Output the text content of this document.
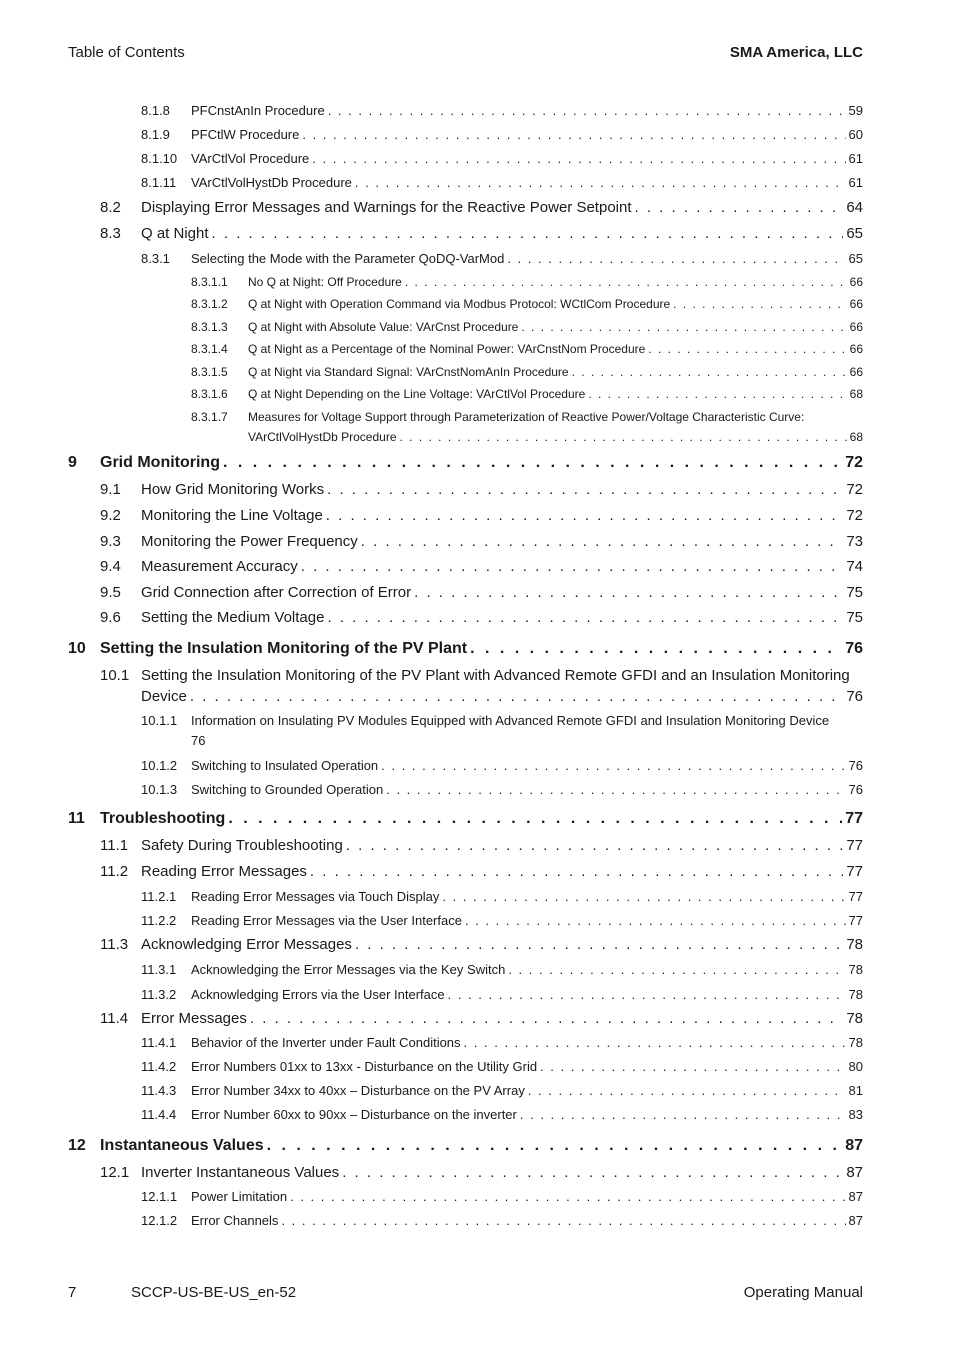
Table of Contents	SMA America, LLC
8.1.8	PFCnstAnIn Procedure . . .	59
8.1.9	PFCtlW Procedure . . .	60
8.1.10	VArCtlVol Procedure . . .	61
8.1.11	VArCtlVolHystDb Procedure . . .	61
8.2	Displaying Error Messages and Warnings for the Reactive Power Setpoint . . .	64
8.3	Q at Night . . .	65
8.3.1	Selecting the Mode with the Parameter QoDQ-VarMod . . .	65
8.3.1.1	No Q at Night: Off Procedure . . .	66
8.3.1.2	Q at Night with Operation Command via Modbus Protocol: WCtlCom Procedure . . .	66
8.3.1.3	Q at Night with Absolute Value: VArCnst Procedure . . .	66
8.3.1.4	Q at Night as a Percentage of the Nominal Power: VArCnstNom Procedure . . .	66
8.3.1.5	Q at Night via Standard Signal: VArCnstNomAnIn Procedure . . .	66
8.3.1.6	Q at Night Depending on the Line Voltage: VArCtlVol Procedure . . .	68
8.3.1.7	Measures for Voltage Support through Parameterization of Reactive Power/Voltage Characteristic Curve:
VArCtlVolHystDb Procedure . . .	68
9	Grid Monitoring . . .	72
9.1	How Grid Monitoring Works . . .	72
9.2	Monitoring the Line Voltage . . .	72
9.3	Monitoring the Power Frequency . . .	73
9.4	Measurement Accuracy . . .	74
9.5	Grid Connection after Correction of Error . . .	75
9.6	Setting the Medium Voltage . . .	75
10 Setting the Insulation Monitoring of the PV Plant . . .	76
10.1 Setting the Insulation Monitoring of the PV Plant with Advanced Remote GFDI and an Insulation Monitoring
Device . . .	76
10.1.1	Information on Insulating PV Modules Equipped with Advanced Remote GFDI and Insulation Monitoring Device
76
10.1.2	Switching to Insulated Operation . . .	76
10.1.3	Switching to Grounded Operation . . .	76
11 Troubleshooting . . .	77
11.1 Safety During Troubleshooting . . .	77
11.2 Reading Error Messages . . .	77
11.2.1	Reading Error Messages via Touch Display . . .	77
11.2.2	Reading Error Messages via the User Interface . . .	77
11.3 Acknowledging Error Messages . . .	78
11.3.1	Acknowledging the Error Messages via the Key Switch . . .	78
11.3.2	Acknowledging Errors via the User Interface . . .	78
11.4 Error Messages . . .	78
11.4.1	Behavior of the Inverter under Fault Conditions . . .	78
11.4.2	Error Numbers 01xx to 13xx - Disturbance on the Utility Grid . . .	80
11.4.3	Error Number 34xx to 40xx – Disturbance on the PV Array . . .	81
11.4.4	Error Number 60xx to 90xx – Disturbance on the inverter . . .	83
12 Instantaneous Values . . .	87
12.1 Inverter Instantaneous Values . . .	87
12.1.1	Power Limitation . . .	87
12.1.2	Error Channels . . .	87
7	SCCP-US-BE-US_en-52	Operating Manual
